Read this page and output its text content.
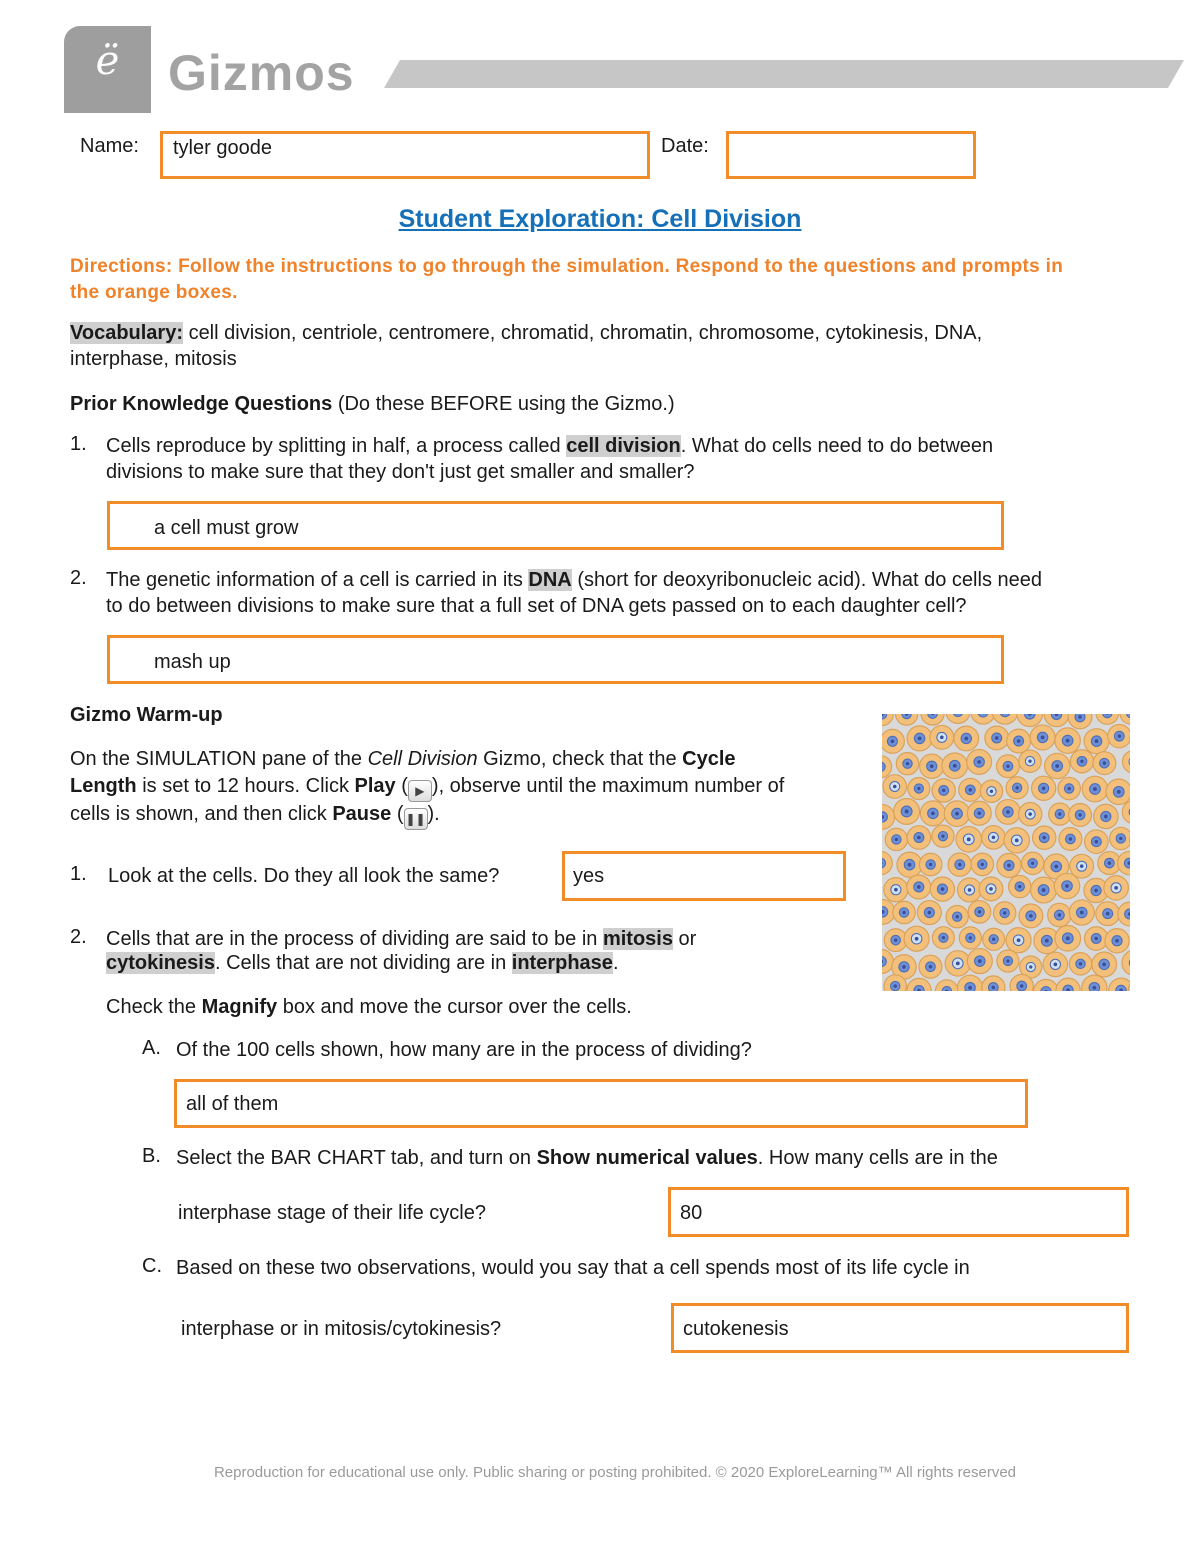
ë Gizmos
Name: tyler goode	Date:
Student Exploration: Cell Division
Directions: Follow the instructions to go through the simulation. Respond to the questions and prompts in the orange boxes.
Vocabulary: cell division, centriole, centromere, chromatid, chromatin, chromosome, cytokinesis, DNA,
interphase, mitosis
Prior Knowledge Questions (Do these BEFORE using the Gizmo.)
1. Cells reproduce by splitting in half, a process called cell division. What do cells need to do between
divisions to make sure that they don't just get smaller and smaller?
a cell must grow
2. The genetic information of a cell is carried in its DNA (short for deoxyribonucleic acid). What do cells need
to do between divisions to make sure that a full set of DNA gets passed on to each daughter cell?
mash up
Gizmo Warm-up
On the SIMULATION pane of the Cell Division Gizmo, check that the Cycle
Length is set to 12 hours. Click Play ( ▶ ), observe until the maximum number of
cells is shown, and then click Pause ( ❚❚).
1. Look at the cells. Do they all look the same?	yes
2. Cells that are in the process of dividing are said to be in mitosis or
cytokinesis. Cells that are not dividing are in interphase.
Check the Magnify box and move the cursor over the cells.
A. Of the 100 cells shown, how many are in the process of dividing?
all of them
B. Select the BAR CHART tab, and turn on Show numerical values. How many cells are in the
interphase stage of their life cycle?	80
C. Based on these two observations, would you say that a cell spends most of its life cycle in
interphase or in mitosis/cytokinesis?	cutokenesis
Reproduction for educational use only. Public sharing or posting prohibited. © 2020 ExploreLearning™ All rights reserved
